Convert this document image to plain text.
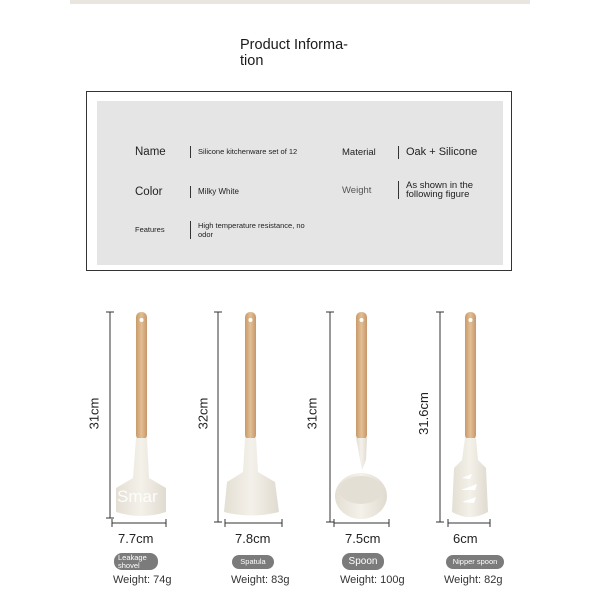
Product Informa-
tion
Name	Silicone kitchenware set of 12
Color	Milky White
Features	High temperature resistance, no odor
Material	Oak + Silicone
Weight	As shown in the following figure
Smar
31cm	32cm	31cm	31.6cm
7.7cm	7.8cm	7.5cm	6cm
Leakage shovel	Spatula	Spoon	Nipper spoon
Weight: 74g	Weight: 83g	Weight: 100g	Weight: 82g
